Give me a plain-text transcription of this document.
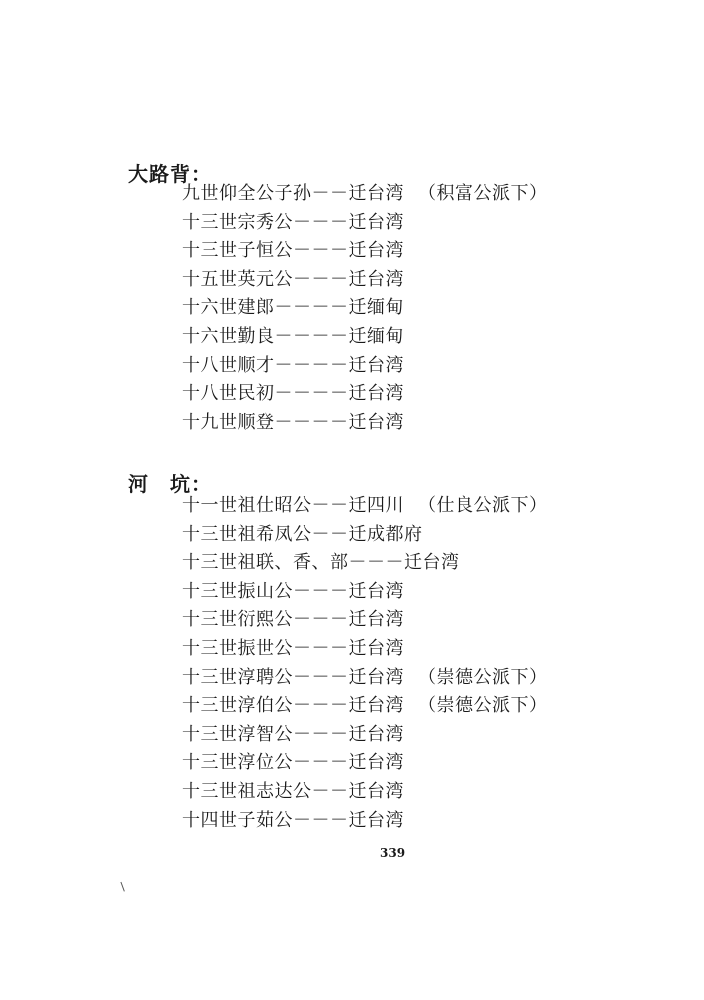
大路背：
九世仰全公子孙－－迁台湾 （积富公派下）
十三世宗秀公－－－迁台湾
十三世子恒公－－－迁台湾
十五世英元公－－－迁台湾
十六世建郎－－－－迁缅甸
十六世勤良－－－－迁缅甸
十八世顺才－－－－迁台湾
十八世民初－－－－迁台湾
十九世顺登－－－－迁台湾
河　坑：
十一世祖仕昭公－－迁四川 （仕良公派下）
十三世祖希凤公－－迁成都府
十三世祖联、香、部－－－迁台湾
十三世振山公－－－迁台湾
十三世衍熙公－－－迁台湾
十三世振世公－－－迁台湾
十三世淳聘公－－－迁台湾 （崇德公派下）
十三世淳伯公－－－迁台湾 （崇德公派下）
十三世淳智公－－－迁台湾
十三世淳位公－－－迁台湾
十三世祖志达公－－迁台湾
十四世子茹公－－－迁台湾
339
